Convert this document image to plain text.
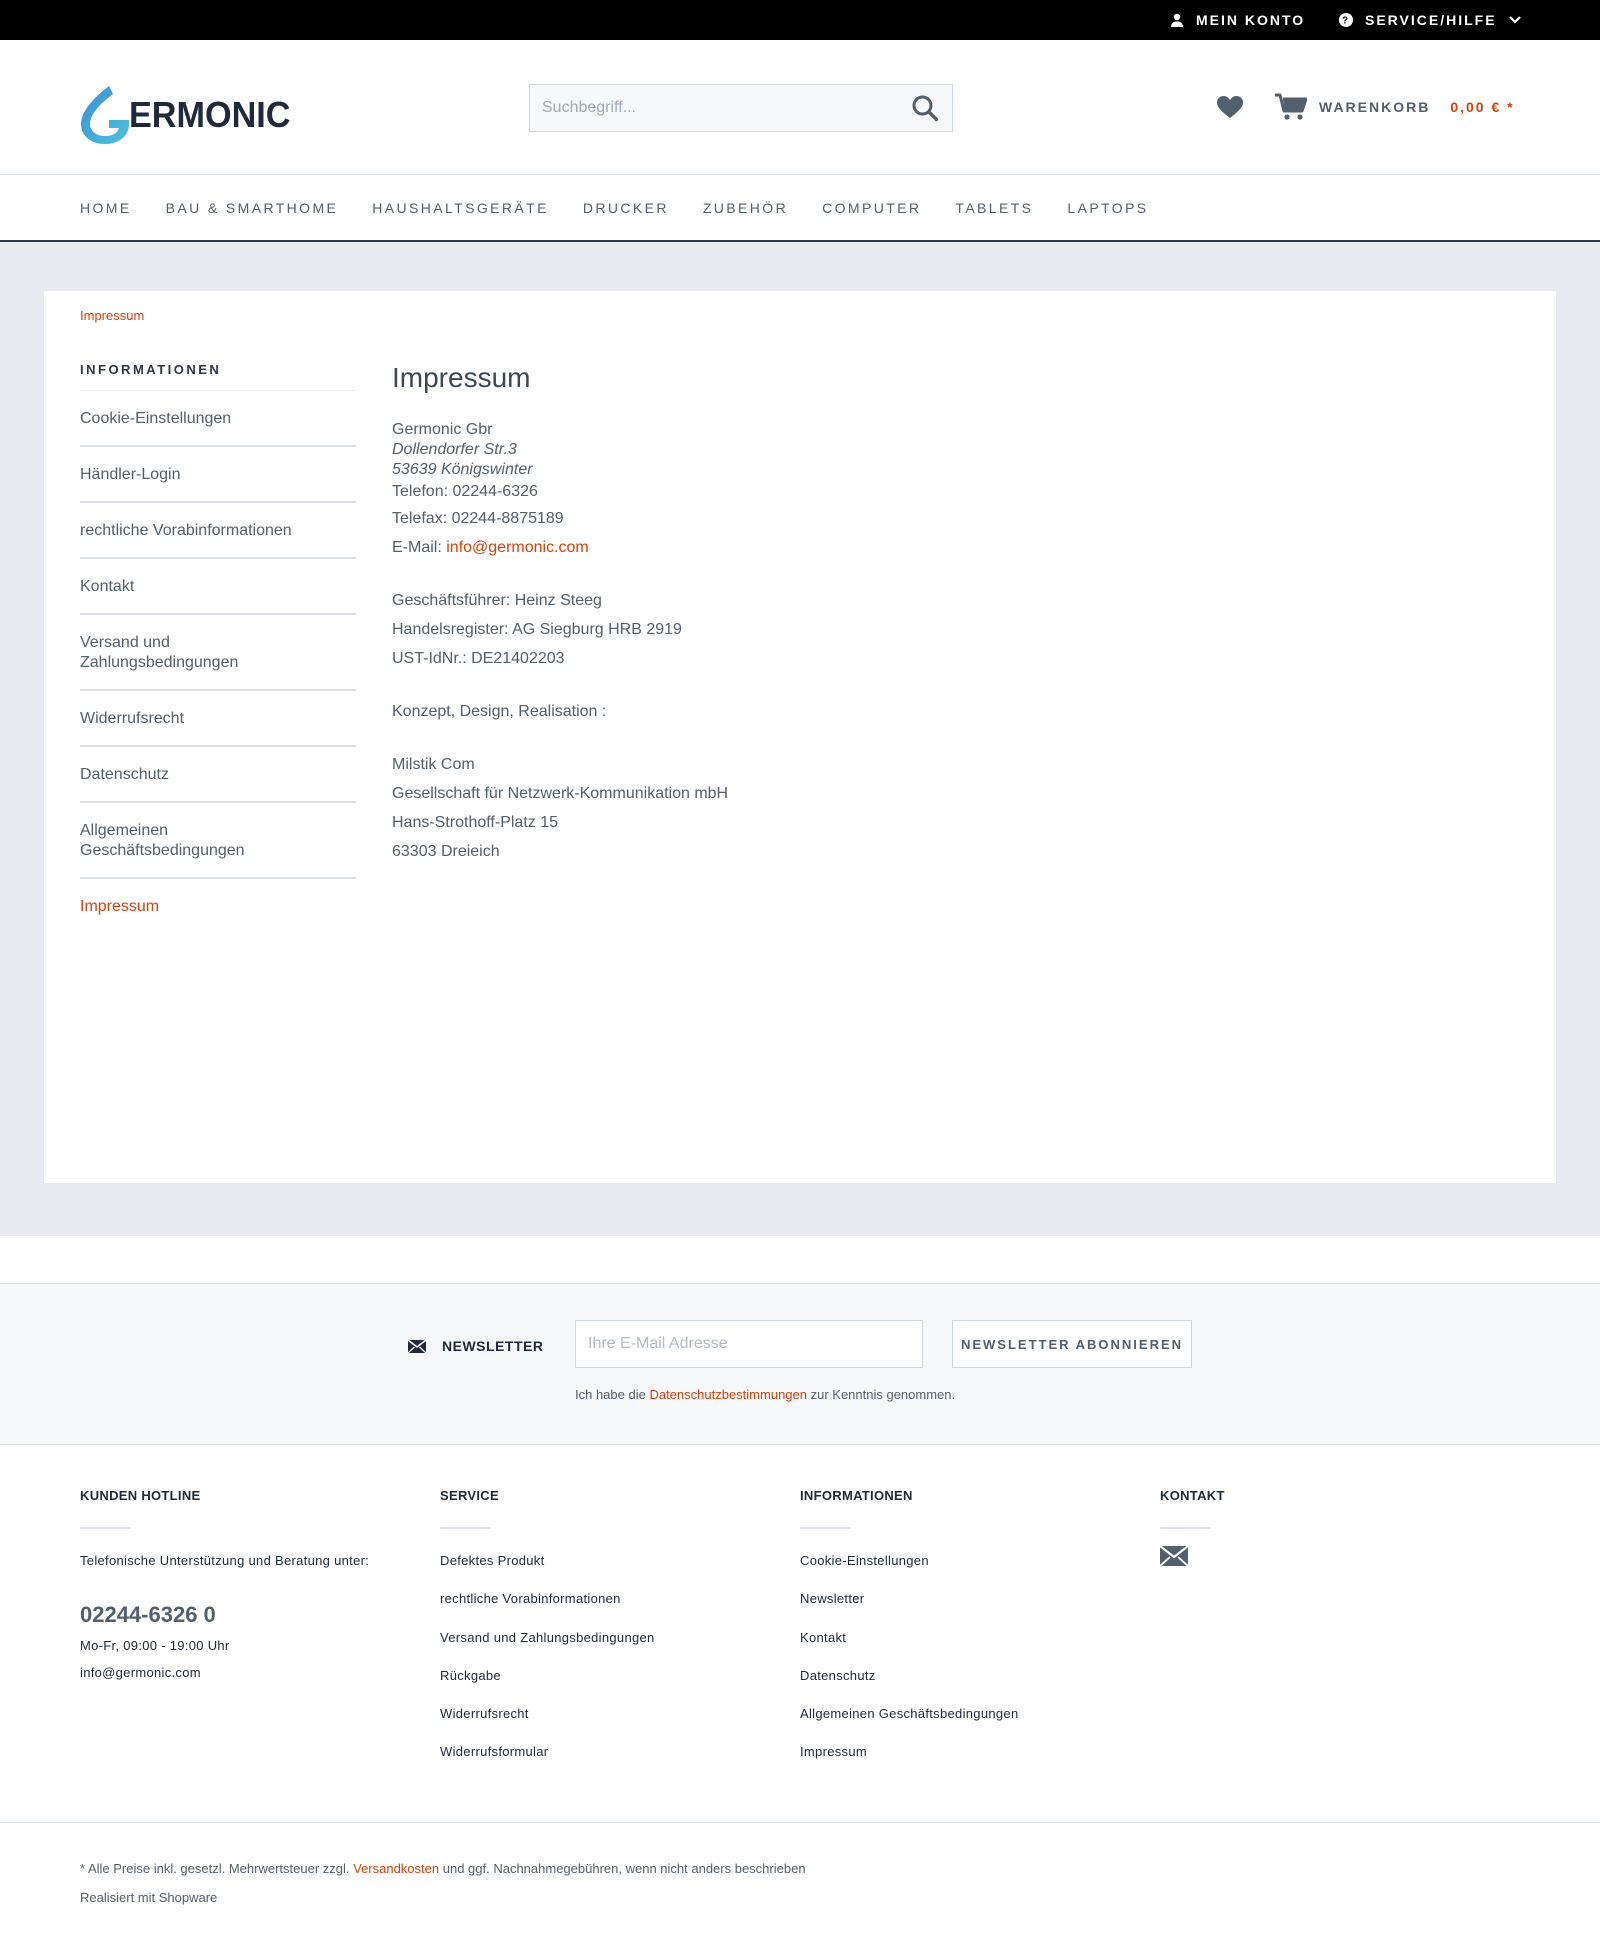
MEIN KONTO	? SERVICE/HILFE
ERMONIC
Suchbegriff...	WARENKORB 0,00 € *
HOME BAU & SMARTHOME HAUSHALTSGERÄTE DRUCKER ZUBEHÖR COMPUTER TABLETS LAPTOPS
Impressum
INFORMATIONEN
Cookie-Einstellungen
Händler-Login
rechtliche Vorabinformationen
Kontakt
Versand und Zahlungsbedingungen
Widerrufsrecht
Datenschutz
Allgemeinen Geschäftsbedingungen
Impressum
Impressum
Germonic Gbr
Dollendorfer Str.3
53639 Königswinter
Telefon: 02244-6326
Telefax: 02244-8875189
E-Mail: info@germonic.com
Geschäftsführer: Heinz Steeg
Handelsregister: AG Siegburg HRB 2919
UST-IdNr.: DE21402203
Konzept, Design, Realisation :
Milstik Com
Gesellschaft für Netzwerk-Kommunikation mbH
Hans-Strothoff-Platz 15
63303 Dreieich
NEWSLETTER
Ihre E-Mail Adresse	NEWSLETTER ABONNIEREN
Ich habe die Datenschutzbestimmungen zur Kenntnis genommen.
KUNDEN HOTLINE
Telefonische Unterstützung und Beratung unter:
02244-6326 0
Mo-Fr, 09:00 - 19:00 Uhr
info@germonic.com
SERVICE
Defektes Produkt
rechtliche Vorabinformationen
Versand und Zahlungsbedingungen
Rückgabe
Widerrufsrecht
Widerrufsformular
INFORMATIONEN
Cookie-Einstellungen
Newsletter
Kontakt
Datenschutz
Allgemeinen Geschäftsbedingungen
Impressum
KONTAKT
* Alle Preise inkl. gesetzl. Mehrwertsteuer zzgl. Versandkosten und ggf. Nachnahmegebühren, wenn nicht anders beschrieben
Realisiert mit Shopware
